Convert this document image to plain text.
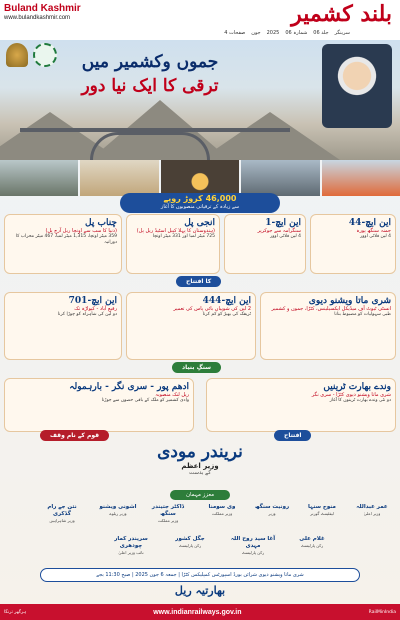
Buland Kashmir
www.bulandkashmir.com	بلند کشمیر
سرینگر
جلد 06
شمارہ 06
2025
جون
صفحات 4
جموں وکشمیر میں
ترقی کا ایک نیا دور
46,000 کروڑ روپے
سے زیادہ کے ترقیاتی منصوبوں کا آغاز
چناب پل
(دنیا کا سب سے اونچا ریل آرچ پل)
359 میٹر اونچا، 1,315 میٹر لمبا، 467 میٹر محراب کا دورانیہ
انجی پل
(ہندوستان کا پہلا کیبل اسٹیڈ ریل پل)
725 میٹر لمبا اور 331 میٹر اونچا
این ایچ-1
سنگرامہ سے جوکرپر
4 لین فلائی اوور
این ایچ-44
جمنہ سنگھ پورہ
4 لین فلائی اوور
کا افتتاح
این ایچ-701
رفیع آباد - کپواڑہ تک
دو لین کی شاہراہ کو چوڑا کرنا
این ایچ-444
2 لین کی شوپیاں بائی پاس کی تعمیر
ٹریفک کی بھیڑ کو کم کرنا
شری ماتا ویشنو دیوی
انسٹی ٹیوٹ آف میڈیکل ایکسیلینس، کٹڑا، جموں و کشمیر
طبی سہولیات کو مضبوط بنانا
سنگِ بنیاد
ادھم پور - سری نگر - بارہمولہ
ریل لنک منصوبہ
وادی کشمیر کو ملک کے باقی حصوں سے جوڑنا
وندے بھارت ٹرینیں
شری ماتا ویشنو دیوی کٹڑا - سری نگر
دو نئی وندے بھارت ٹرینوں کا آغاز
قوم کے نام وقف	افتتاح
نریندر مودی
وزیر اعظم
کے بدست
معزز مہمان
عمر عبداللہ
وزیر اعلیٰ
منوج سنہا
لیفٹیننٹ گورنر
رونیت سنگھ
وزیر
وی سومنا
وزیر مملکت
ڈاکٹر جتیندر سنگھ
وزیر مملکت
اشونی ویشنو
وزیر ریلوے
نتن جے رام گڈکری
وزیر شاہراہیں
غلام علی
رکن پارلیمنٹ
آغا سید روح اللہ مہدی
رکن پارلیمنٹ
جگل کشور
رکن پارلیمنٹ
سریندر کمار چودھری
نائب وزیر اعلیٰ
شری ماتا ویشنو دیوی شرائن بورڈ اسپورٹس کمپلیکس کٹڑا | جمعہ 6 جون 2025 | صبح 11:30 بجے
بھارتیہ ریل
ہرگھر ترنگا	www.indianrailways.gov.in	RailMinIndia
